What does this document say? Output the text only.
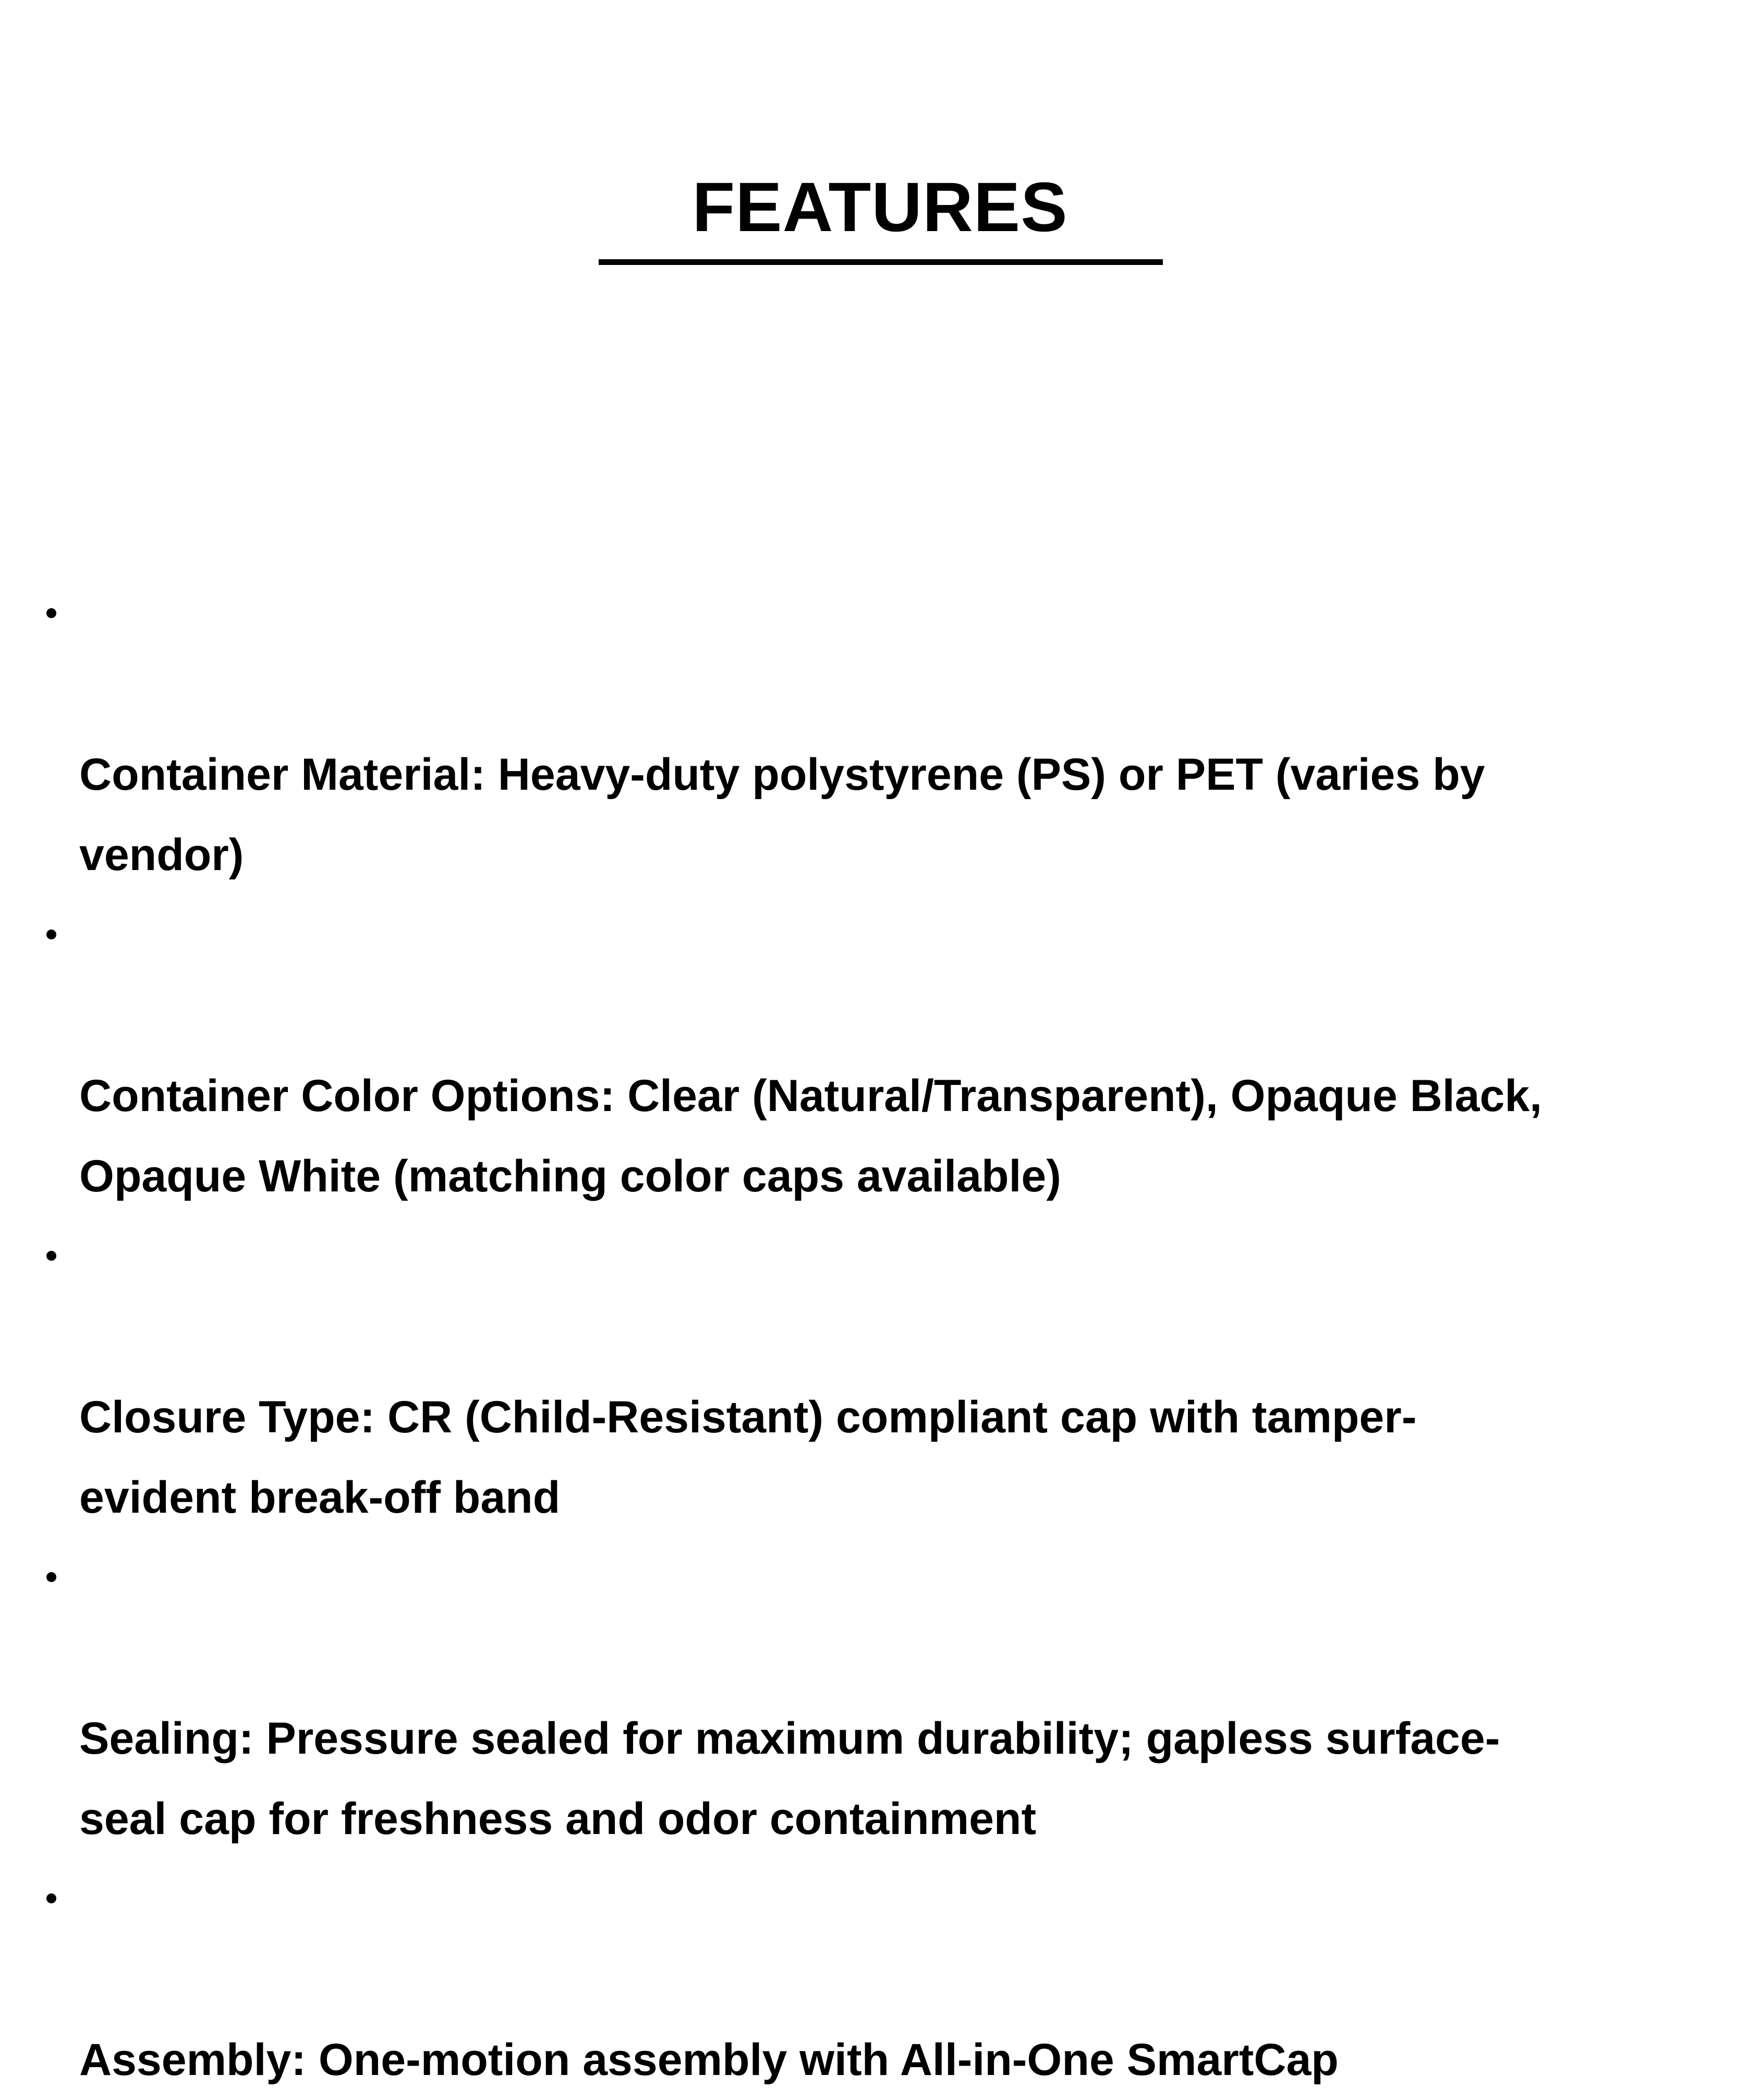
FEATURES

Container Material: Heavy-duty polystyrene (PS) or PET (varies by
vendor)

Container Color Options: Clear (Natural/Transparent), Opaque Black,
Opaque White (matching color caps available)

Closure Type: CR (Child-Resistant) compliant cap with tamper-
evident break-off band

Sealing: Pressure sealed for maximum durability; gapless surface-
seal cap for freshness and odor containment

Assembly: One-motion assembly with All-in-One SmartCap
